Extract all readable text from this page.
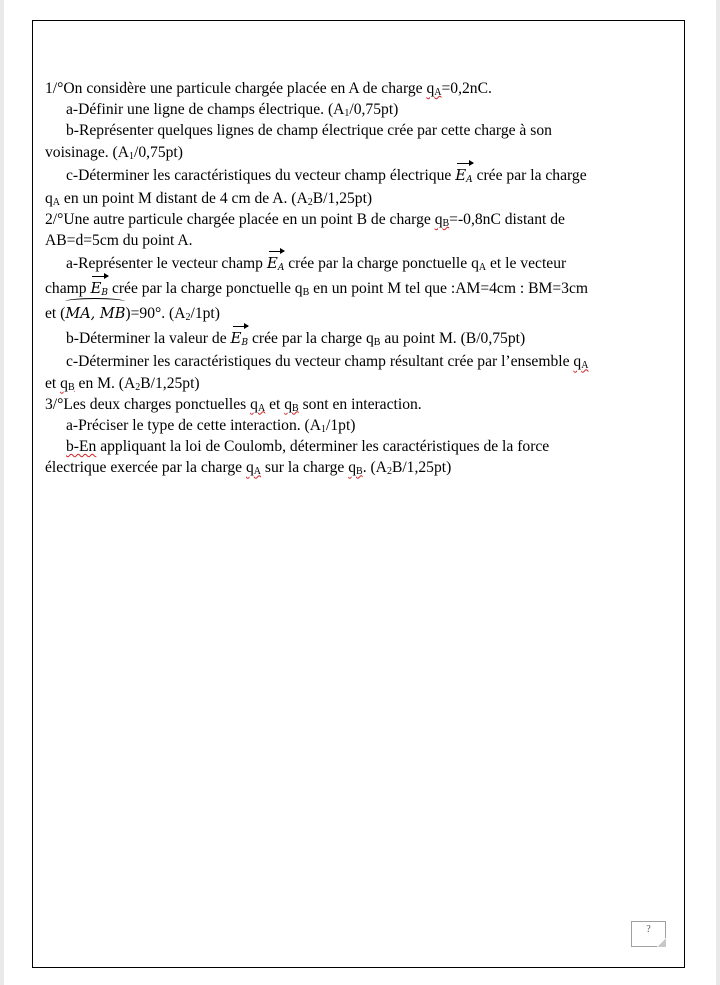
1/°On considère une particule chargée placée en A de charge $q_A=0,2nC$.
a-Définir une ligne de champs électrique. $(A_1/0,75pt)$
b-Représenter quelques lignes de champ électrique crée par cette charge à son
voisinage. $(A_1/0,75pt)$
c-Déterminer les caractéristiques du vecteur champ électrique $E_A$ crée par la charge
$q_A$ en un point M distant de 4 cm de A. $(A_2B/1,25pt)$
2/°Une autre particule chargée placée en un point B de charge $q_B=-0,8nC$ distant de
AB=d=5cm du point A.
a-Représenter le vecteur champ $E_A$ crée par la charge ponctuelle $q_A$ et le vecteur
champ $E_B$ crée par la charge ponctuelle $q_B$ en un point M tel que :AM=4cm : BM=3cm
et (
MA, MB)=90°. $(A_2/1pt)$
b-Déterminer la valeur de $E_B$ crée par la charge $q_B$ au point M. (B/0,75pt)
c-Déterminer les caractéristiques du vecteur champ résultant crée par l’ensemble $q_A$
et $q_B$ en M. $(A_2B/1,25pt)$
3/°Les deux charges ponctuelles $q_A$ et $q_B$ sont en interaction.
a-Préciser le type de cette interaction. $(A_1/1pt)$
b-En appliquant la loi de Coulomb, déterminer les caractéristiques de la force
électrique exercée par la charge $q_A$ sur la charge $q_B$. $(A_2B/1,25pt)$
?
